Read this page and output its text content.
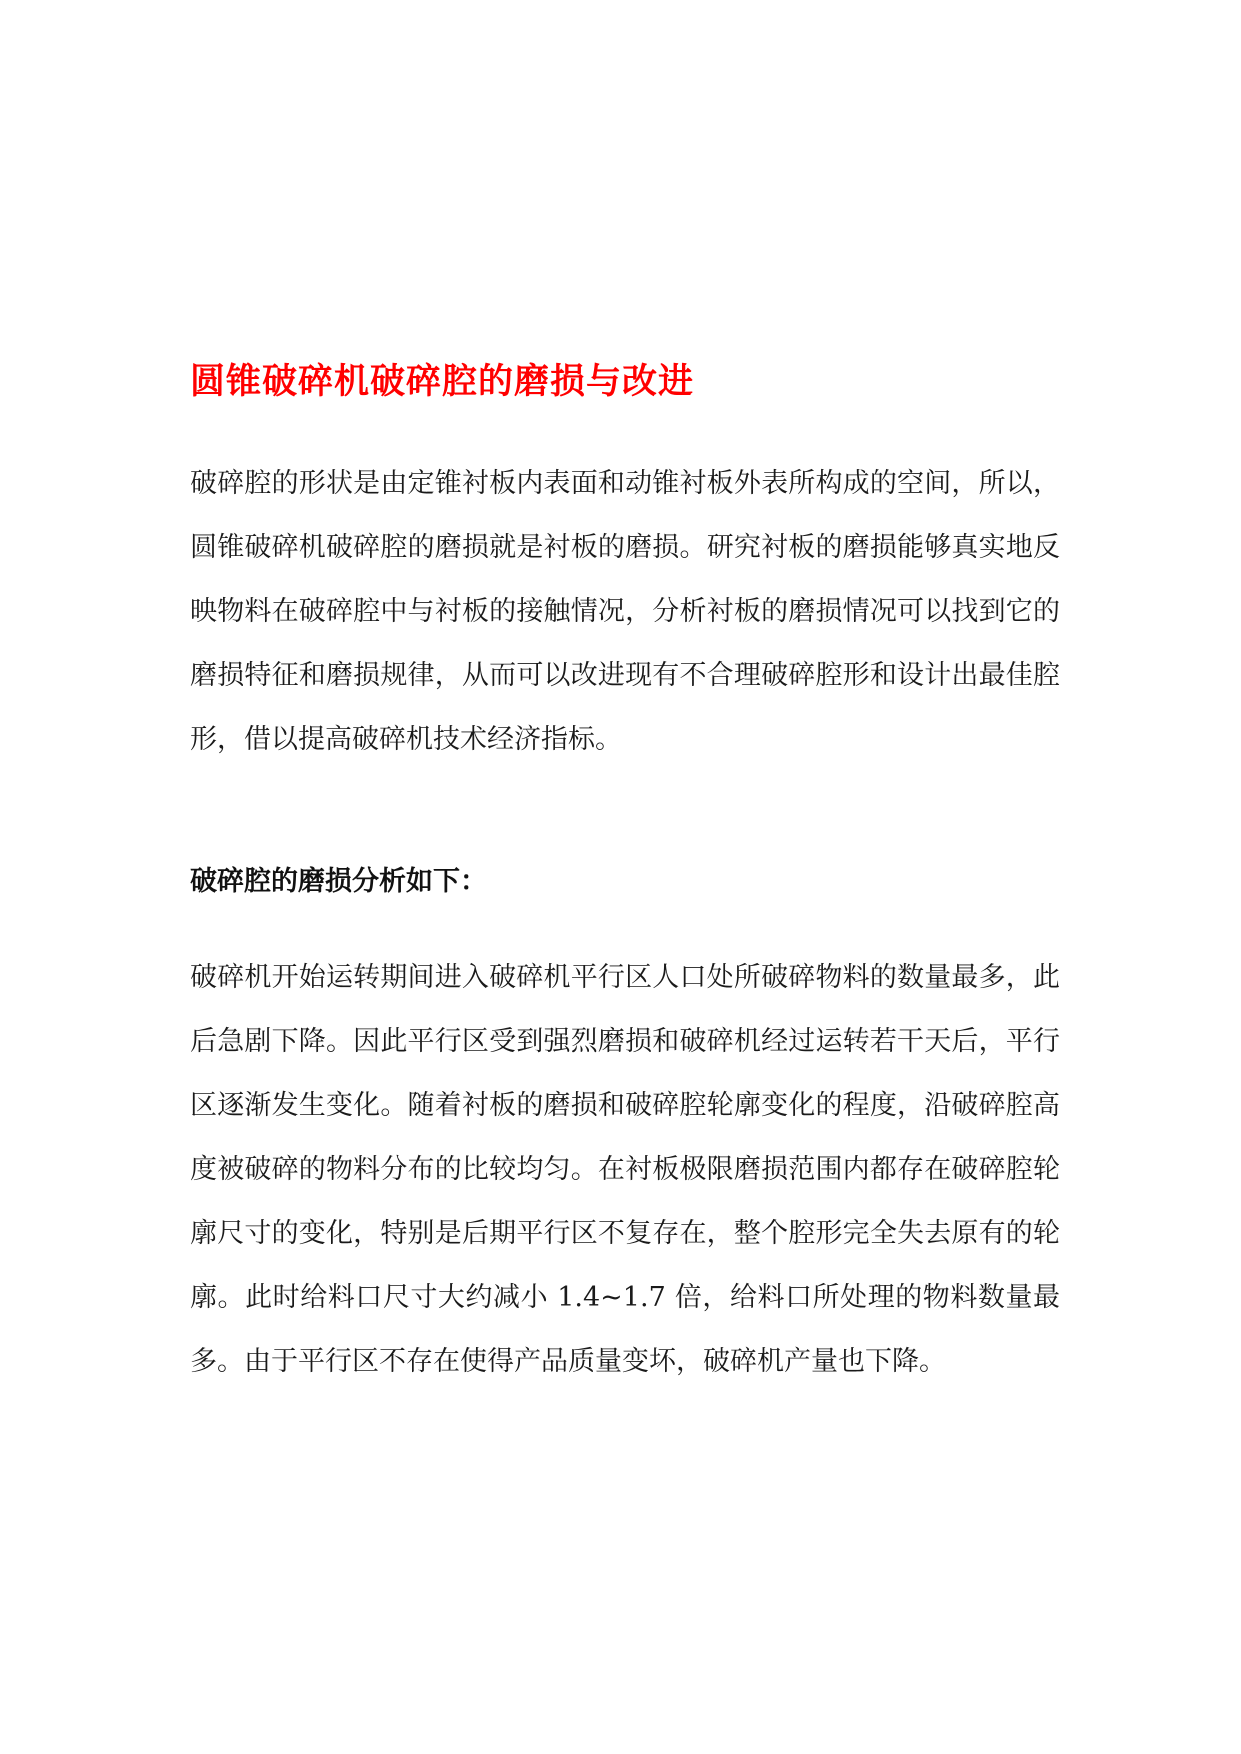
圆锥破碎机破碎腔的磨损与改进

破碎腔的形状是由定锥衬板内表面和动锥衬板外表所构成的空间，所以，圆锥破碎机破碎腔的磨损就是衬板的磨损。研究衬板的磨损能够真实地反映物料在破碎腔中与衬板的接触情况，分析衬板的磨损情况可以找到它的磨损特征和磨损规律，从而可以改进现有不合理破碎腔形和设计出最佳腔形，借以提高破碎机技术经济指标。

破碎腔的磨损分析如下：

破碎机开始运转期间进入破碎机平行区人口处所破碎物料的数量最多，此后急剧下降。因此平行区受到强烈磨损和破碎机经过运转若干天后，平行区逐渐发生变化。随着衬板的磨损和破碎腔轮廓变化的程度，沿破碎腔高度被破碎的物料分布的比较均匀。在衬板极限磨损范围内都存在破碎腔轮廓尺寸的变化，特别是后期平行区不复存在，整个腔形完全失去原有的轮廓。此时给料口尺寸大约减小 1.4~1.7 倍，给料口所处理的物料数量最多。由于平行区不存在使得产品质量变坏，破碎机产量也下降。
